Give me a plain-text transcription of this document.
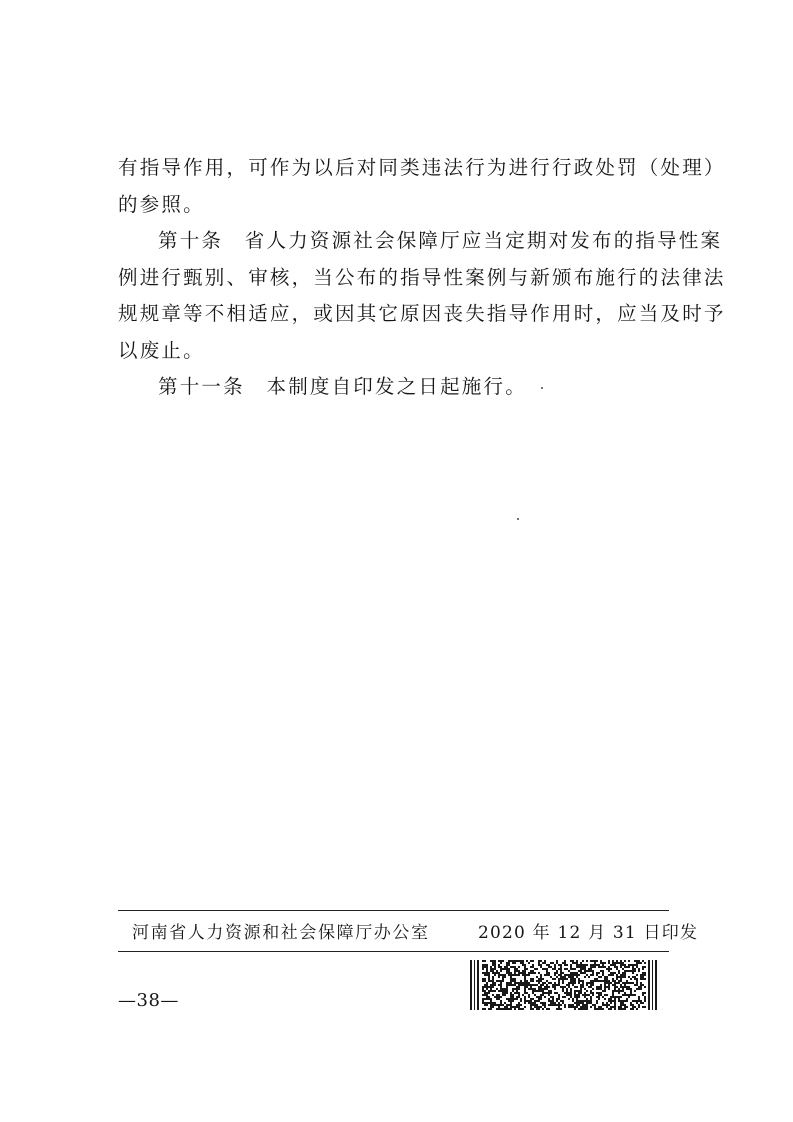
有指导作用，可作为以后对同类违法行为进行行政处罚（处理）
的参照。
第十条　省人力资源社会保障厅应当定期对发布的指导性案
例进行甄别、审核，当公布的指导性案例与新颁布施行的法律法
规规章等不相适应，或因其它原因丧失指导作用时，应当及时予
以废止。
第十一条　本制度自印发之日起施行。
河南省人力资源和社会保障厅办公室	2020 年 12 月 31 日印发
—38—
